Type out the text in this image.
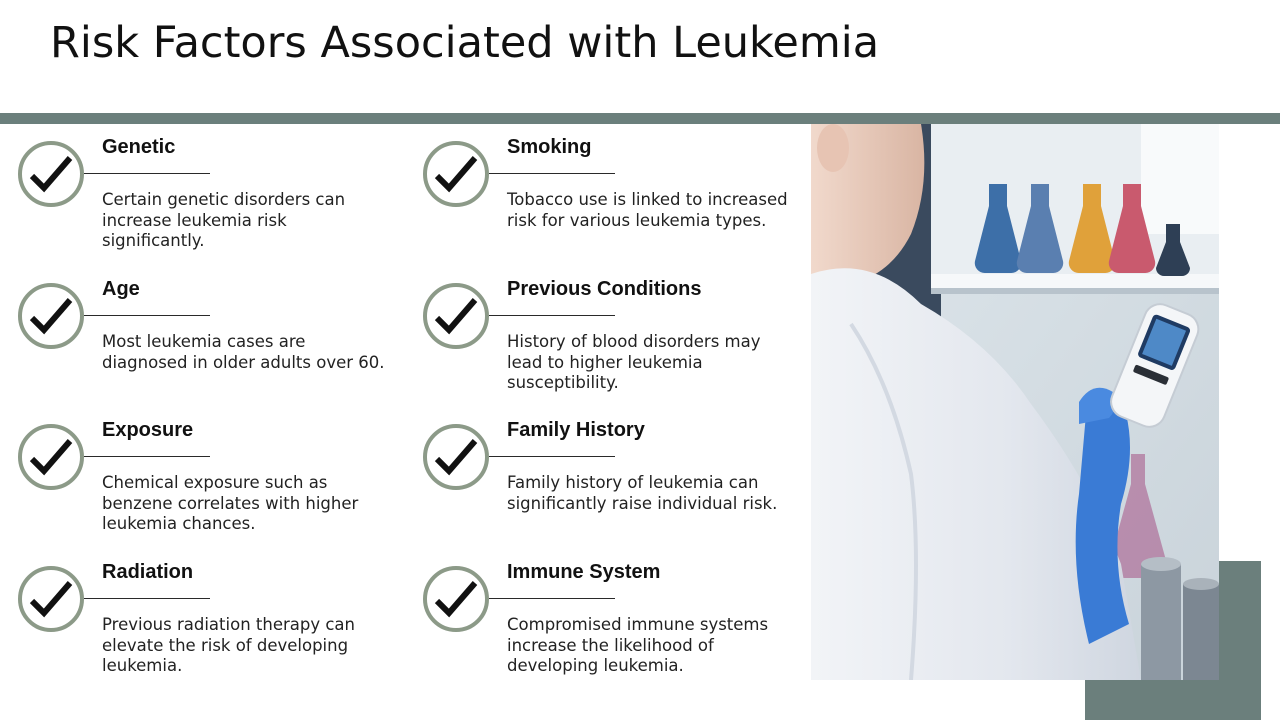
Risk Factors Associated with Leukemia
Genetic
Certain genetic disorders can increase leukemia risk significantly.
Age
Most leukemia cases are diagnosed in older adults over 60.
Exposure
Chemical exposure such as benzene correlates with higher leukemia chances.
Radiation
Previous radiation therapy can elevate the risk of developing leukemia.
Smoking
Tobacco use is linked to increased risk for various leukemia types.
Previous Conditions
History of blood disorders may lead to higher leukemia susceptibility.
Family History
Family history of leukemia can significantly raise individual risk.
Immune System
Compromised immune systems increase the likelihood of developing leukemia.
